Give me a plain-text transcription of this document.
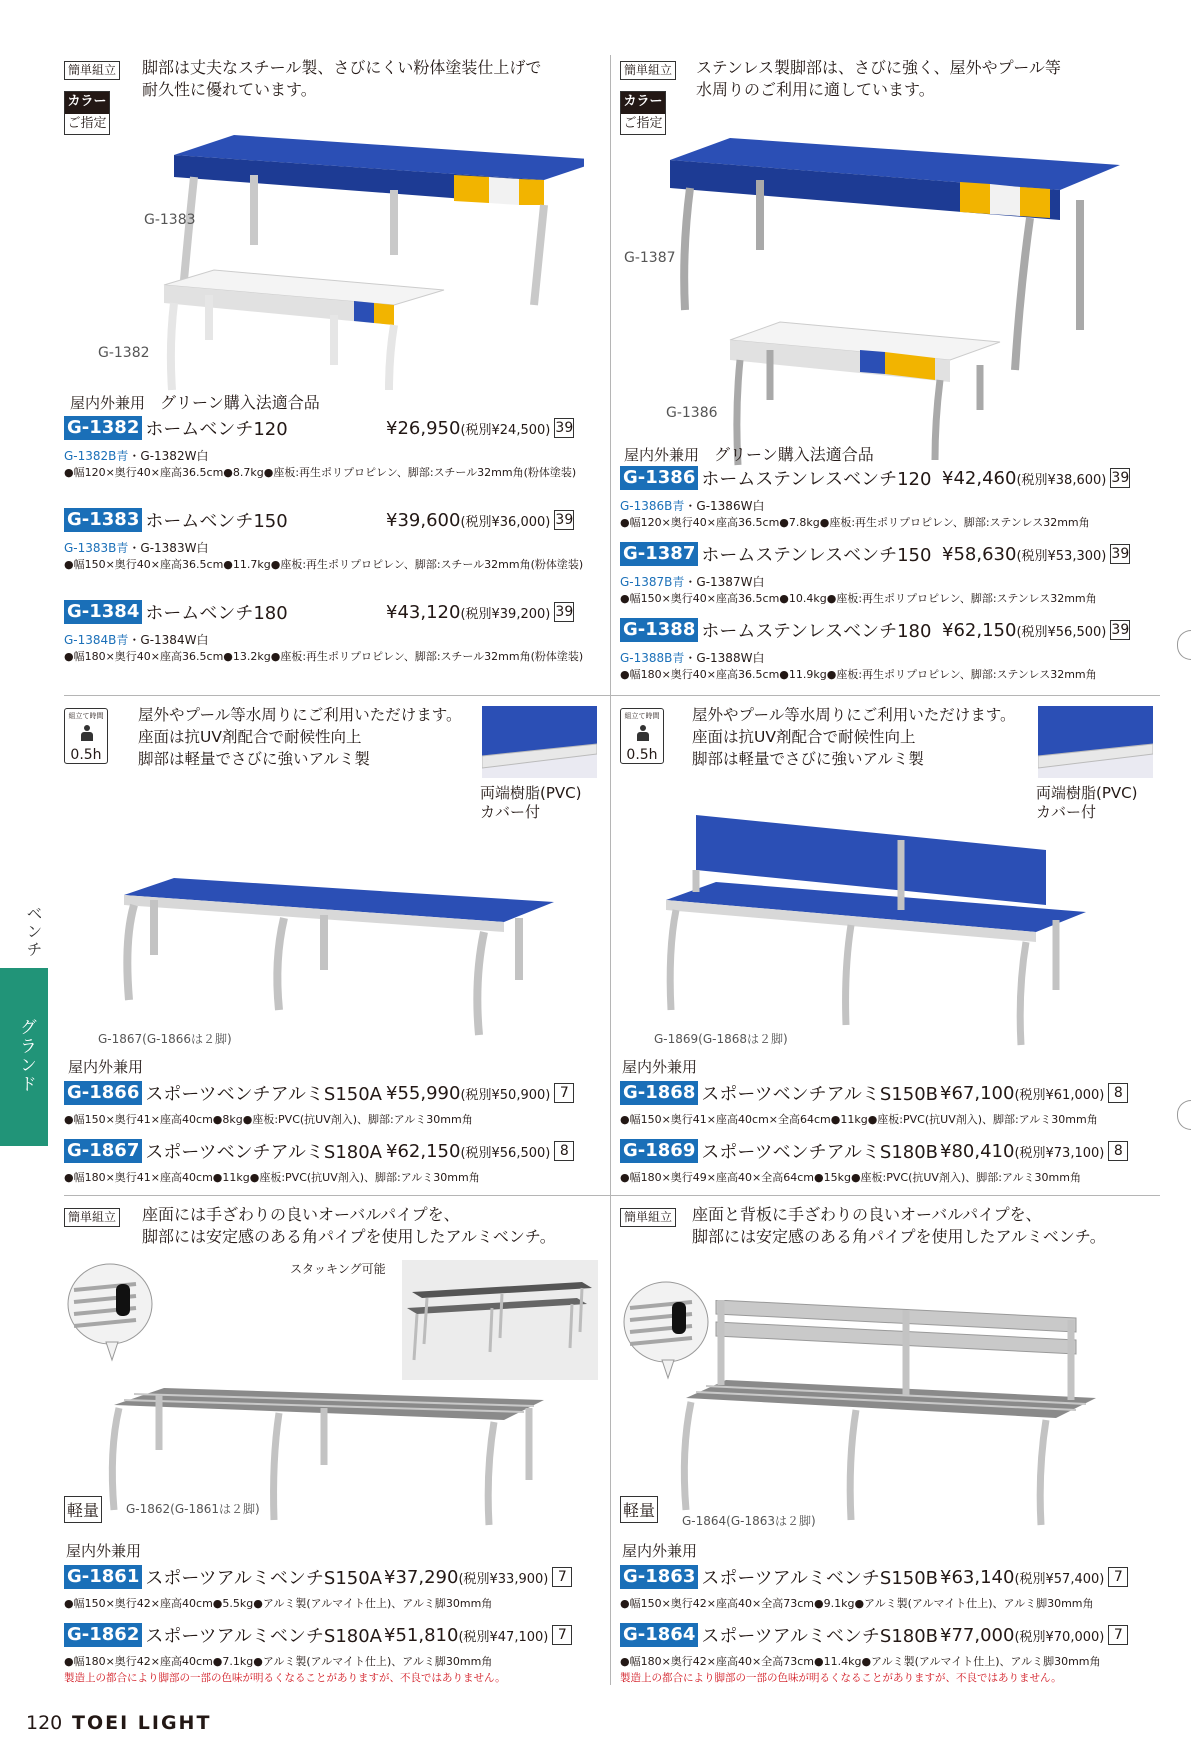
ベンチ
グランド
簡単組立
カラー
ご指定
脚部は丈夫なスチール製、さびにくい粉体塗装仕上げで
耐久性に優れています。
G-1383
G-1382
屋内外兼用　 グリーン購入法適合品
G-1382 ホームベンチ120	¥26,950 (税別¥24,500) 39
G-1382B青・G-1382W白
●幅120×奥行40×座高36.5cm●8.7kg●座板:再生ポリプロピレン、脚部:スチール32mm角(粉体塗装)
G-1383 ホームベンチ150	¥39,600 (税別¥36,000) 39
G-1383B青・G-1383W白
●幅150×奥行40×座高36.5cm●11.7kg●座板:再生ポリプロピレン、脚部:スチール32mm角(粉体塗装)
G-1384 ホームベンチ180	¥43,120 (税別¥39,200) 39
G-1384B青・G-1384W白
●幅180×奥行40×座高36.5cm●13.2kg●座板:再生ポリプロピレン、脚部:スチール32mm角(粉体塗装)
簡単組立
カラー
ご指定
ステンレス製脚部は、さびに強く、屋外やプール等
水周りのご利用に適しています。
G-1387
G-1386
屋内外兼用　 グリーン購入法適合品
G-1386 ホームステンレスベンチ120 ¥42,460 (税別¥38,600) 39
G-1386B青・G-1386W白
●幅120×奥行40×座高36.5cm●7.8kg●座板:再生ポリプロピレン、脚部:ステンレス32mm角
G-1387 ホームステンレスベンチ150 ¥58,630 (税別¥53,300) 39
G-1387B青・G-1387W白
●幅150×奥行40×座高36.5cm●10.4kg●座板:再生ポリプロピレン、脚部:ステンレス32mm角
G-1388 ホームステンレスベンチ180 ¥62,150 (税別¥56,500) 39
G-1388B青・G-1388W白
●幅180×奥行40×座高36.5cm●11.9kg●座板:再生ポリプロピレン、脚部:ステンレス32mm角
組立て時間
0.5h
屋外やプール等水周りにご利用いただけます。
座面は抗UV剤配合で耐候性向上
脚部は軽量でさびに強いアルミ製
両端樹脂(PVC)
カバー付
G-1867(G-1866は２脚)
屋内外兼用
G-1866 スポーツベンチアルミS150A ¥55,990 (税別¥50,900) 7
●幅150×奥行41×座高40cm●8kg●座板:PVC(抗UV剤入)、脚部:アルミ30mm角
G-1867 スポーツベンチアルミS180A ¥62,150 (税別¥56,500) 8
●幅180×奥行41×座高40cm●11kg●座板:PVC(抗UV剤入)、脚部:アルミ30mm角
組立て時間
0.5h
屋外やプール等水周りにご利用いただけます。
座面は抗UV剤配合で耐候性向上
脚部は軽量でさびに強いアルミ製
両端樹脂(PVC)
カバー付
G-1869(G-1868は２脚)
屋内外兼用
G-1868 スポーツベンチアルミS150B ¥67,100 (税別¥61,000) 8
●幅150×奥行41×座高40cm×全高64cm●11kg●座板:PVC(抗UV剤入)、脚部:アルミ30mm角
G-1869 スポーツベンチアルミS180B ¥80,410 (税別¥73,100) 8
●幅180×奥行49×座高40×全高64cm●15kg●座板:PVC(抗UV剤入)、脚部:アルミ30mm角
簡単組立 座面には手ざわりの良いオーバルパイプを、
脚部には安定感のある角パイプを使用したアルミベンチ。
スタッキング可能
軽量 G-1862(G-1861は２脚)
屋内外兼用
G-1861 スポーツアルミベンチS150A ¥37,290 (税別¥33,900) 7
●幅150×奥行42×座高40cm●5.5kg●アルミ製(アルマイト仕上)、アルミ脚30mm角
G-1862 スポーツアルミベンチS180A ¥51,810 (税別¥47,100) 7
●幅180×奥行42×座高40cm●7.1kg●アルミ製(アルマイト仕上)、アルミ脚30mm角
製造上の都合により脚部の一部の色味が明るくなることがありますが、不良ではありません。
簡単組立 座面と背板に手ざわりの良いオーバルパイプを、
脚部には安定感のある角パイプを使用したアルミベンチ。
軽量
G-1864(G-1863は２脚)
屋内外兼用
G-1863 スポーツアルミベンチS150B ¥63,140 (税別¥57,400) 7
●幅150×奥行42×座高40×全高73cm●9.1kg●アルミ製(アルマイト仕上)、アルミ脚30mm角
G-1864 スポーツアルミベンチS180B ¥77,000 (税別¥70,000) 7
●幅180×奥行42×座高40×全高73cm●11.4kg●アルミ製(アルマイト仕上)、アルミ脚30mm角
製造上の都合により脚部の一部の色味が明るくなることがありますが、不良ではありません。
120 TOEI LIGHT
